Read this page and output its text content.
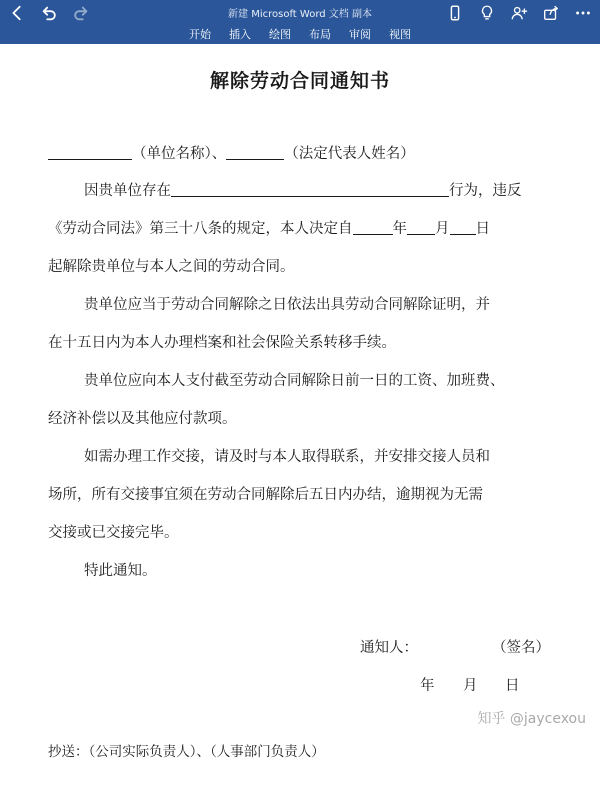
新建 Microsoft Word 文档 副本
开始 插入 绘图 布局 审阅 视图
解除劳动合同通知书
（单位名称）、	（法定代表人姓名）
因贵单位存在	行为，违反
《劳动合同法》第三十八条的规定，本人决定自	年 月 日
起解除贵单位与本人之间的劳动合同。
贵单位应当于劳动合同解除之日依法出具劳动合同解除证明，并
在十五日内为本人办理档案和社会保险关系转移手续。
贵单位应向本人支付截至劳动合同解除日前一日的工资、加班费、
经济补偿以及其他应付款项。
如需办理工作交接，请及时与本人取得联系，并安排交接人员和
场所，所有交接事宜须在劳动合同解除后五日内办结，逾期视为无需
交接或已交接完毕。
特此通知。
通知人：	（签名）
年 月 日
抄送：（公司实际负责人）、（人事部门负责人）
知乎 @jaycexou
